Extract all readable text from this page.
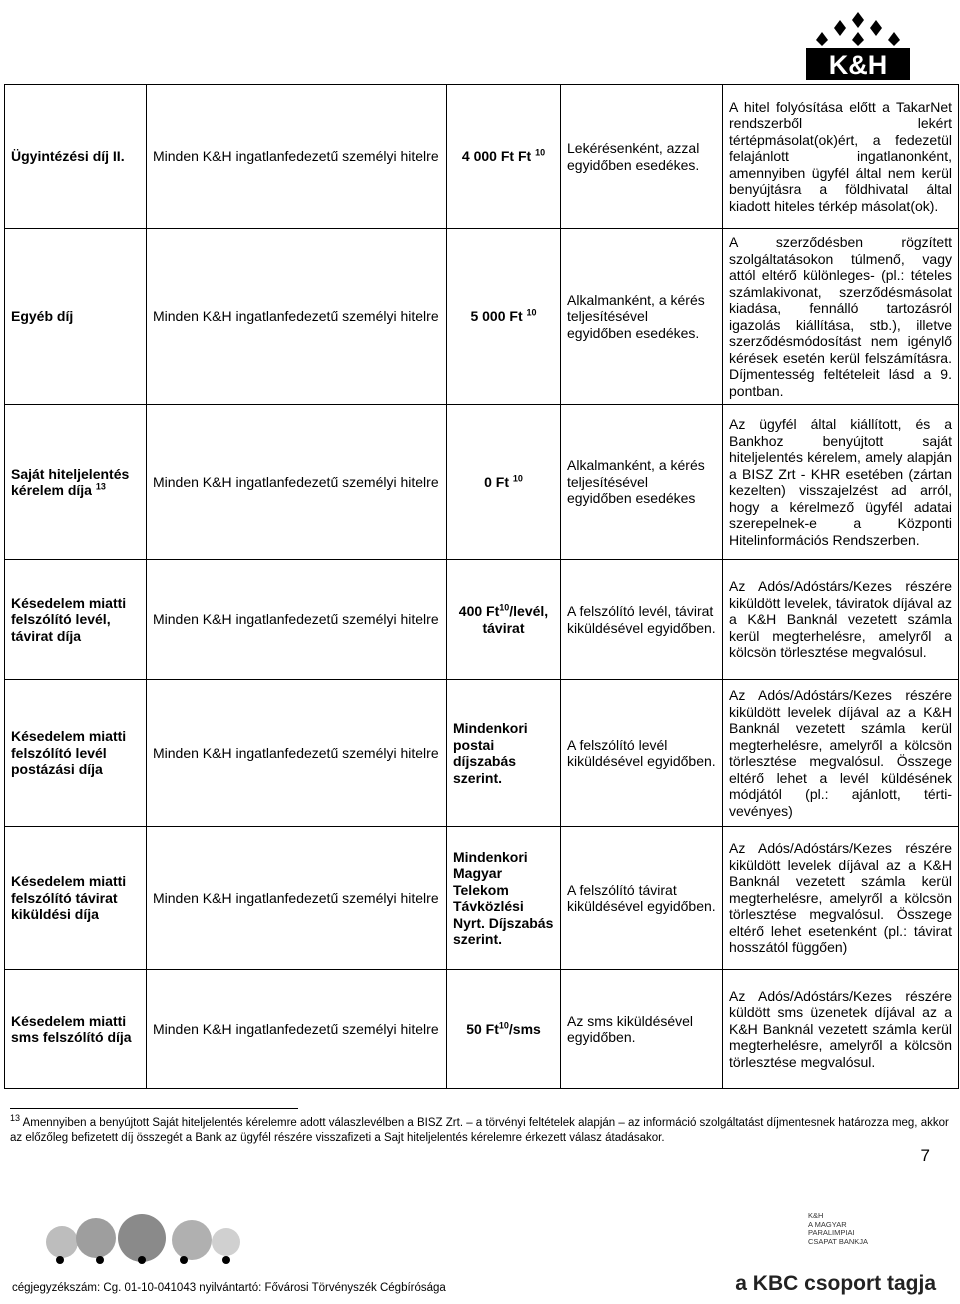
K&H
Ügyintézési díj II.	Minden K&H ingatlanfedezetű személyi hitelre	4 000 Ft Ft $^{10}$	Lekérésenként, azzal egyidőben esedékes.	A hitel folyósítása előtt a TakarNet rendszerből lekért tértépmásolat(ok)ért, a fedezetül felajánlott ingatlanonként, amennyiben ügyfél által nem kerül benyújtásra a földhivatal által kiadott hiteles térkép másolat(ok).
Egyéb díj	Minden K&H ingatlanfedezetű személyi hitelre	5 000 Ft $^{10}$	Alkalmanként, a kérés teljesítésével egyidőben esedékes.	A szerződésben rögzített szolgáltatásokon túlmenő, vagy attól eltérő különleges- (pl.: tételes számlakivonat, szerződésmásolat kiadása, fennálló tartozásról igazolás kiállítása, stb.), illetve szerződésmódosítást nem igénylő kérések esetén kerül felszámításra. Díjmentesség feltételeit lásd a 9. pontban.
Saját hiteljelentés kérelem díja $^{13}$	Minden K&H ingatlanfedezetű személyi hitelre	0 Ft $^{10}$	Alkalmanként, a kérés teljesítésével egyidőben esedékes	Az ügyfél által kiállított, és a Bankhoz benyújtott saját hiteljelentés kérelem, amely alapján a BISZ Zrt - KHR esetében (zártan kezelten) visszajelzést ad arról, hogy a kérelmező ügyfél adatai szerepelnek-e a Központi Hitelinformációs Rendszerben.
Késedelem miatti felszólító levél, távirat díja	Minden K&H ingatlanfedezetű személyi hitelre	400 Ft$^{10}$/levél, távirat	A felszólító levél, távirat kiküldésével egyidőben.	Az Adós/Adóstárs/Kezes részére kiküldött levelek, táviratok díjával az a K&H Banknál vezetett számla kerül megterhelésre, amelyről a kölcsön törlesztése megvalósul.
Késedelem miatti felszólító levél postázási díja	Minden K&H ingatlanfedezetű személyi hitelre	Mindenkori postai díjszabás szerint.	A felszólító levél kiküldésével egyidőben.	Az Adós/Adóstárs/Kezes részére kiküldött levelek díjával az a K&H Banknál vezetett számla kerül megterhelésre, amelyről a kölcsön törlesztése megvalósul. Összege eltérő lehet a levél küldésének módjától (pl.: ajánlott, térti-vevényes)
Késedelem miatti felszólító távirat kiküldési díja	Minden K&H ingatlanfedezetű személyi hitelre	Mindenkori Magyar Telekom Távközlési Nyrt. Díjszabás szerint.	A felszólító távirat kiküldésével egyidőben.	Az Adós/Adóstárs/Kezes részére kiküldött levelek díjával az a K&H Banknál vezetett számla kerül megterhelésre, amelyről a kölcsön törlesztése megvalósul. Összege eltérő lehet esetenként (pl.: távirat hosszától függően)
Késedelem miatti sms felszólító díja	Minden K&H ingatlanfedezetű személyi hitelre	50 Ft$^{10}$/sms	Az sms kiküldésével egyidőben.	Az Adós/Adóstárs/Kezes részére küldött sms üzenetek díjával az a K&H Banknál vezetett számla kerül megterhelésre, amelyről a kölcsön törlesztése megvalósul.
$^{13}$ Amennyiben a benyújtott Saját hiteljelentés kérelemre adott válaszlevélben a BISZ Zrt. – a törvényi feltételek alapján – az információ szolgáltatást díjmentesnek határozza meg, akkor az előzőleg befizetett díj összegét a Bank az ügyfél részére visszafizeti a Sajt hiteljelentés kérelemre érkezett válasz átadásakor.
7
cégjegyzékszám: Cg. 01-10-041043 nyilvántartó: Fővárosi Törvényszék Cégbírósága
K&H
A MAGYAR
PARALIMPIAI
CSAPAT BANKJA
a KBC csoport tagja
